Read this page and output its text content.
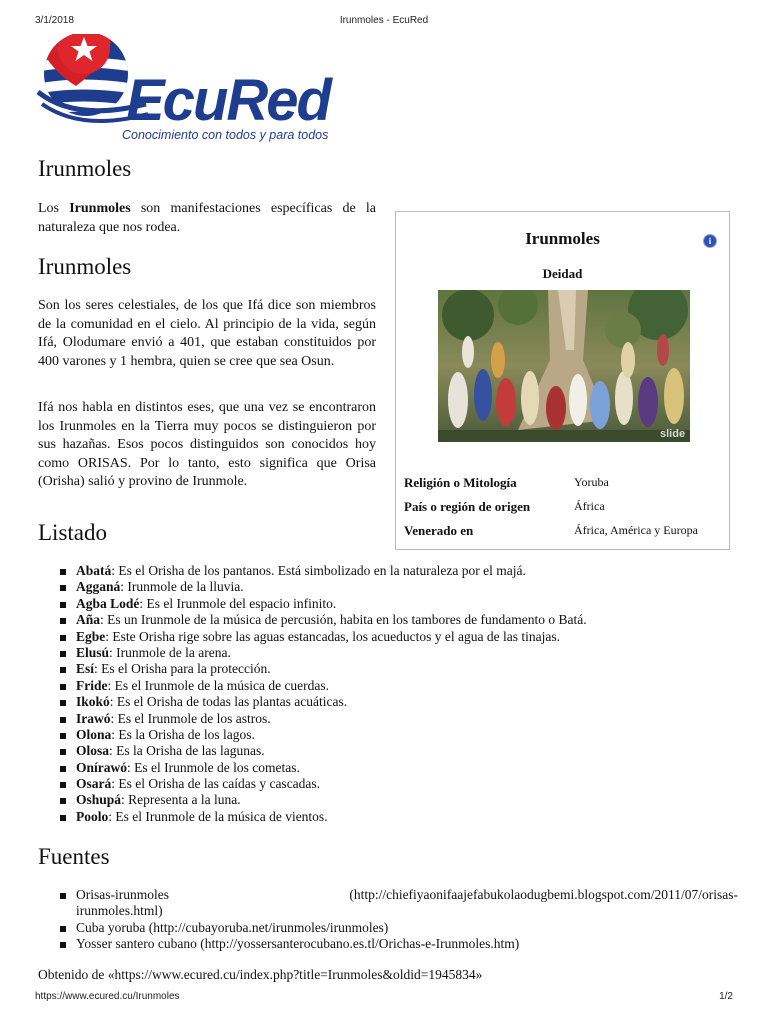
3/1/2018	Irunmoles - EcuRed
EcuRed
Conocimiento con todos y para todos
Irunmoles

Los Irunmoles son manifestaciones específicas de la naturaleza que nos rodea.

Irunmoles

Son los seres celestiales, de los que Ifá dice son miembros de la comunidad en el cielo. Al principio de la vida, según Ifá, Olodumare envió a 401, que estaban constituidos por 400 varones y 1 hembra, quien se cree que sea Osun.

Ifá nos habla en distintos eses, que una vez se encontraron los Irunmoles en la Tierra muy pocos se distinguieron por sus hazañas. Esos pocos distinguidos son conocidos hoy como ORISAS. Por lo tanto, esto significa que Orisa (Orisha) salió y provino de Irunmole.

Irunmoles	i
Deidad
slide
Religión o Mitología	Yoruba
País o región de origen	África
Venerado en	África, América y Europa
Listado
Abatá: Es el Orisha de los pantanos. Está simbolizado en la naturaleza por el majá.
Agganá: Irunmole de la lluvia.
Agba Lodé: Es el Irunmole del espacio infinito.
Aña: Es un Irunmole de la música de percusión, habita en los tambores de fundamento o Batá.
Egbe: Este Orisha rige sobre las aguas estancadas, los acueductos y el agua de las tinajas.
Elusú: Irunmole de la arena.
Esí: Es el Orisha para la protección.
Fride: Es el Irunmole de la música de cuerdas.
Ikokó: Es el Orisha de todas las plantas acuáticas.
Irawó: Es el Irunmole de los astros.
Olona: Es la Orisha de los lagos.
Olosa: Es la Orisha de las lagunas.
Onírawó: Es el Irunmole de los cometas.
Osará: Es el Orisha de las caídas y cascadas.
Oshupá: Representa a la luna.
Poolo: Es el Irunmole de la música de vientos.
Fuentes
Orisas-irunmoles	(http://chiefiyaonifaajefabukolaodugbemi.blogspot.com/2011/07/orisas-
irunmoles.html)
Cuba yoruba (http://cubayoruba.net/irunmoles/irunmoles)
Yosser santero cubano (http://yossersanterocubano.es.tl/Orichas-e-Irunmoles.htm)
Obtenido de «https://www.ecured.cu/index.php?title=Irunmoles&oldid=1945834»
https://www.ecured.cu/Irunmoles	1/2
